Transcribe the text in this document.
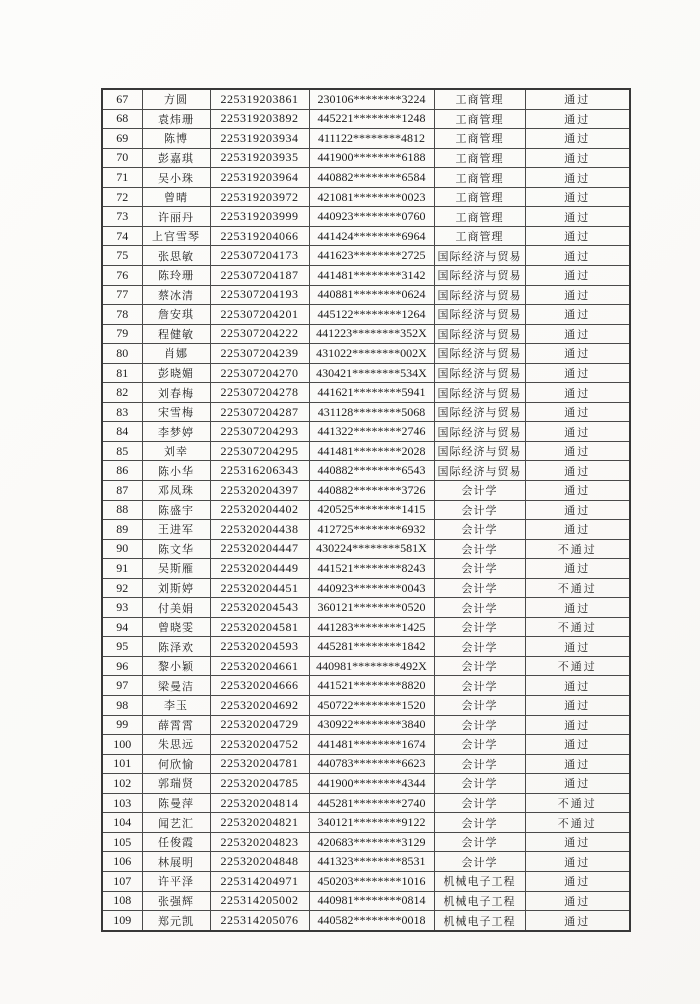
67	方圆	225319203861	230106********3224	工商管理	通过
68	袁炜珊	225319203892	445221********1248	工商管理	通过
69	陈博	225319203934	411122********4812	工商管理	通过
70	彭嘉琪	225319203935	441900********6188	工商管理	通过
71	吴小珠	225319203964	440882********6584	工商管理	通过
72	曾晴	225319203972	421081********0023	工商管理	通过
73	许丽丹	225319203999	440923********0760	工商管理	通过
74	上官雪琴	225319204066	441424********6964	工商管理	通过
75	张思敏	225307204173	441623********2725	国际经济与贸易	通过
76	陈玲珊	225307204187	441481********3142	国际经济与贸易	通过
77	蔡冰清	225307204193	440881********0624	国际经济与贸易	通过
78	詹安琪	225307204201	445122********1264	国际经济与贸易	通过
79	程健敏	225307204222	441223********352X	国际经济与贸易	通过
80	肖娜	225307204239	431022********002X	国际经济与贸易	通过
81	彭晓媚	225307204270	430421********534X	国际经济与贸易	通过
82	刘春梅	225307204278	441621********5941	国际经济与贸易	通过
83	宋雪梅	225307204287	431128********5068	国际经济与贸易	通过
84	李梦婷	225307204293	441322********2746	国际经济与贸易	通过
85	刘幸	225307204295	441481********2028	国际经济与贸易	通过
86	陈小华	225316206343	440882********6543	国际经济与贸易	通过
87	邓凤珠	225320204397	440882********3726	会计学	通过
88	陈盛宇	225320204402	420525********1415	会计学	通过
89	王进军	225320204438	412725********6932	会计学	通过
90	陈文华	225320204447	430224********581X	会计学	不通过
91	吴斯雁	225320204449	441521********8243	会计学	通过
92	刘斯婷	225320204451	440923********0043	会计学	不通过
93	付美娟	225320204543	360121********0520	会计学	通过
94	曾晓雯	225320204581	441283********1425	会计学	不通过
95	陈泽欢	225320204593	445281********1842	会计学	通过
96	黎小颖	225320204661	440981********492X	会计学	不通过
97	梁曼洁	225320204666	441521********8820	会计学	通过
98	李玉	225320204692	450722********1520	会计学	通过
99	薛霄霄	225320204729	430922********3840	会计学	通过
100	朱思远	225320204752	441481********1674	会计学	通过
101	何欣愉	225320204781	440783********6623	会计学	通过
102	郭瑞贤	225320204785	441900********4344	会计学	通过
103	陈曼萍	225320204814	445281********2740	会计学	不通过
104	闻艺汇	225320204821	340121********9122	会计学	不通过
105	任俊霞	225320204823	420683********3129	会计学	通过
106	林展明	225320204848	441323********8531	会计学	通过
107	许平泽	225314204971	450203********1016	机械电子工程	通过
108	张强辉	225314205002	440981********0814	机械电子工程	通过
109	郑元凯	225314205076	440582********0018	机械电子工程	通过
